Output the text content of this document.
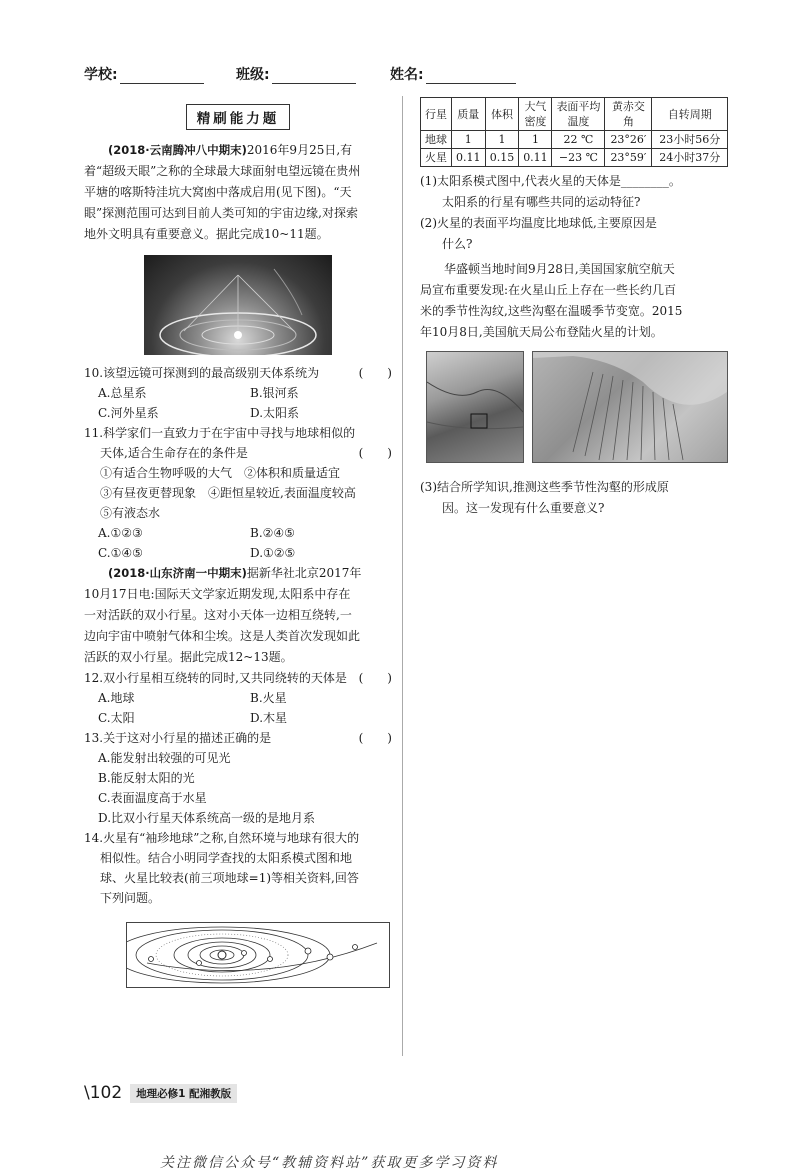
学校:	班级:	姓名:
精刷能力题

(2018·云南腾冲八中期末)2016年9月25日,有

着“超级天眼”之称的全球最大球面射电望远镜在贵州

平塘的喀斯特洼坑大窝凼中落成启用(见下图)。“天

眼”探测范围可达到目前人类可知的宇宙边缘,对探索

地外文明具有重要意义。据此完成10~11题。

10.该望远镜可探测到的最高级别天体系统为	(　　)
A.总星系	B.银河系
C.河外星系	D.太阳系
11.科学家们一直致力于在宇宙中寻找与地球相似的
天体,适合生命存在的条件是	(　　)
①有适合生物呼吸的大气　②体积和质量适宜
③有昼夜更替现象　④距恒星较近,表面温度较高
⑤有液态水
A.①②③	B.②④⑤
C.①④⑤	D.①②⑤

(2018·山东济南一中期末)据新华社北京2017年

10月17日电:国际天文学家近期发现,太阳系中存在

一对活跃的双小行星。这对小天体一边相互绕转,一

边向宇宙中喷射气体和尘埃。这是人类首次发现如此

活跃的双小行星。据此完成12~13题。

12.双小行星相互绕转的同时,又共同绕转的天体是 (　　)
A.地球	B.火星
C.太阳	D.木星
13.关于这对小行星的描述正确的是	(　　)
A.能发射出较强的可见光
B.能反射太阳的光
C.表面温度高于水星
D.比双小行星天体系统高一级的是地月系
14.火星有“袖珍地球”之称,自然环境与地球有很大的
相似性。结合小明同学查找的太阳系模式图和地
球、火星比较表(前三项地球=1)等相关资料,回答
下列问题。
行星	质量	体积	大气密度	表面平均温度	黄赤交角	自转周期
地球	1	1	1	22 ℃	23°26′	23小时56分
火星	0.11	0.15	0.11	−23 ℃	23°59′	24小时37分
(1)太阳系模式图中,代表火星的天体是________。
太阳系的行星有哪些共同的运动特征?
(2)火星的表面平均温度比地球低,主要原因是
什么?

华盛顿当地时间9月28日,美国国家航空航天

局宣布重要发现:在火星山丘上存在一些长约几百

米的季节性沟纹,这些沟壑在温暖季节变宽。2015

年10月8日,美国航天局公布登陆火星的计划。

(3)结合所学知识,推测这些季节性沟壑的形成原
因。这一发现有什么重要意义?
\102	地理必修1 配湘教版
关注微信公众号“教辅资料站”获取更多学习资料
